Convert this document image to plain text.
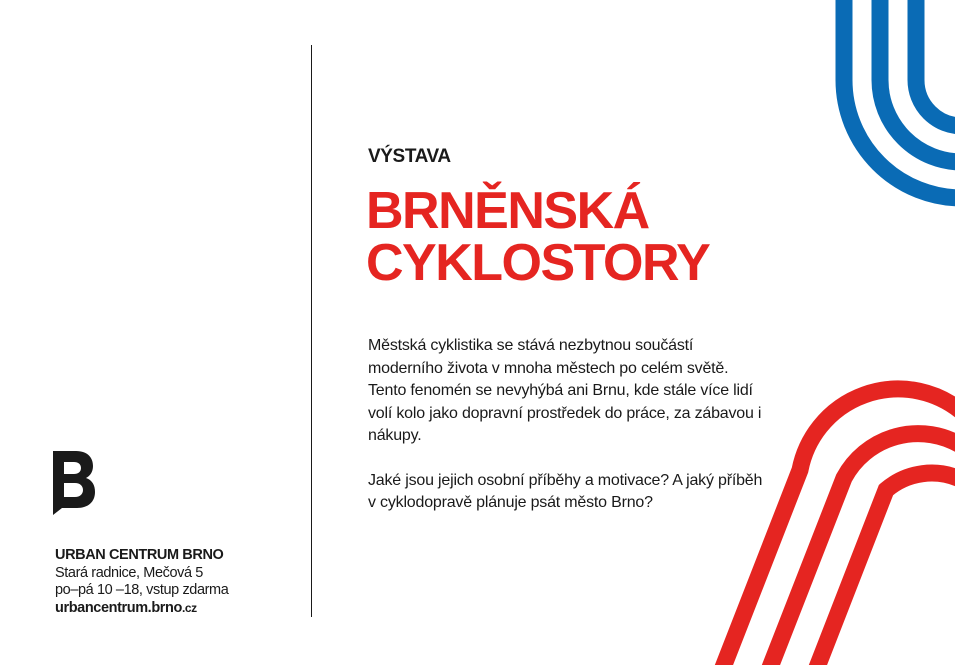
VÝSTAVA
BRNĚNSKÁ
CYKLOSTORY

Městská cyklistika se stává nezbytnou součástí moderního života v mnoha městech po celém světě. Tento fenomén se nevyhýbá ani Brnu, kde stále více lidí volí kolo jako dopravní prostředek do práce, za zábavou i nákupy.

Jaké jsou jejich osobní příběhy a motivace? A jaký příběh v cyklodopravě plánuje psát město Brno?

URBAN CENTRUM BRNO
Stará radnice, Mečová 5
po–pá 10 –18, vstup zdarma
urbancentrum.brno.cz
